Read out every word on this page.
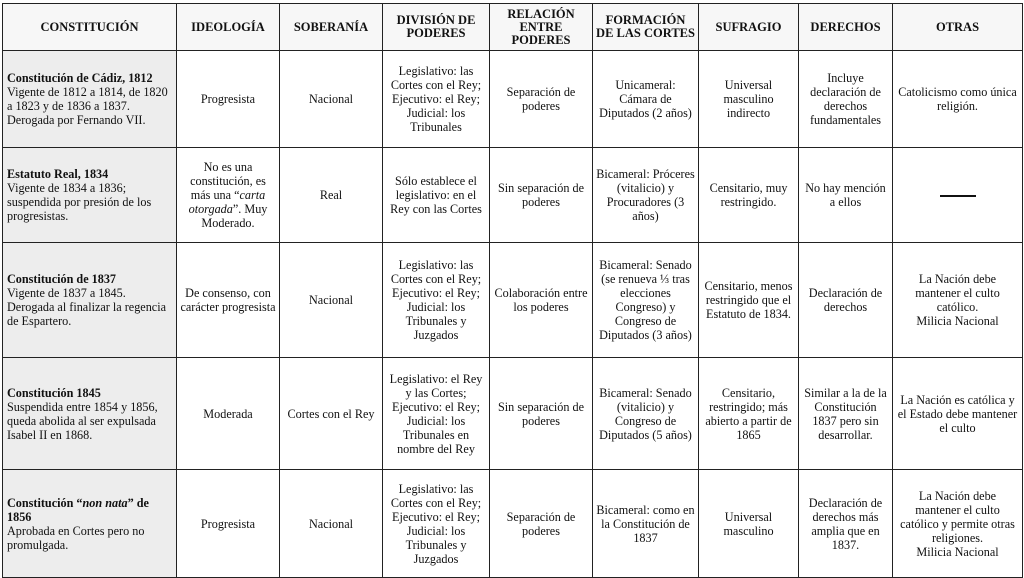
CONSTITUCIÓN	IDEOLOGÍA	SOBERANÍA	DIVISIÓN DE PODERES	RELACIÓN ENTRE PODERES	FORMACIÓN DE LAS CORTES	SUFRAGIO	DERECHOS	OTRAS

Constitución de Cádiz, 1812
Vigente de 1812 a 1814, de 1820 a 1823 y de 1836 a 1837. Derogada por Fernando VII.	Progresista	Nacional	Legislativo: las Cortes con el Rey; Ejecutivo: el Rey; Judicial: los Tribunales	Separación de poderes	Unicameral: Cámara de Diputados (2 años)	Universal masculino indirecto	Incluye declaración de derechos fundamentales	Catolicismo como única religión.

Estatuto Real, 1834
Vigente de 1834 a 1836; suspendida por presión de los progresistas.	No es una constitución, es más una “carta otorgada”. Muy Moderado.	Real	Sólo establece el legislativo: en el Rey con las Cortes	Sin separación de poderes	Bicameral: Próceres (vitalicio) y Procuradores (3 años)	Censitario, muy restringido.	No hay mención a ellos	

Constitución de 1837
Vigente de 1837 a 1845. Derogada al finalizar la regencia de Espartero.	De consenso, con carácter progresista	Nacional	Legislativo: las Cortes con el Rey; Ejecutivo: el Rey; Judicial: los Tribunales y Juzgados	Colaboración entre los poderes	Bicameral: Senado (se renueva ⅓ tras elecciones Congreso) y Congreso de Diputados (3 años)	Censitario, menos restringido que el Estatuto de 1834.	Declaración de derechos	La Nación debe mantener el culto católico.
Milicia Nacional

Constitución 1845
Suspendida entre 1854 y 1856, queda abolida al ser expulsada Isabel II en 1868.	Moderada	Cortes con el Rey	Legislativo: el Rey y las Cortes; Ejecutivo: el Rey; Judicial: los Tribunales en nombre del Rey	Sin separación de poderes	Bicameral: Senado (vitalicio) y Congreso de Diputados (5 años)	Censitario, restringido; más abierto a partir de 1865	Similar a la de la Constitución 1837 pero sin desarrollar.	La Nación es católica y el Estado debe mantener el culto

Constitución “non nata” de 1856
Aprobada en Cortes pero no promulgada.	Progresista	Nacional	Legislativo: las Cortes con el Rey; Ejecutivo: el Rey; Judicial: los Tribunales y Juzgados	Separación de poderes	Bicameral: como en la Constitución de 1837	Universal masculino	Declaración de derechos más amplia que en 1837.	La Nación debe mantener el culto católico y permite otras religiones.
Milicia Nacional
